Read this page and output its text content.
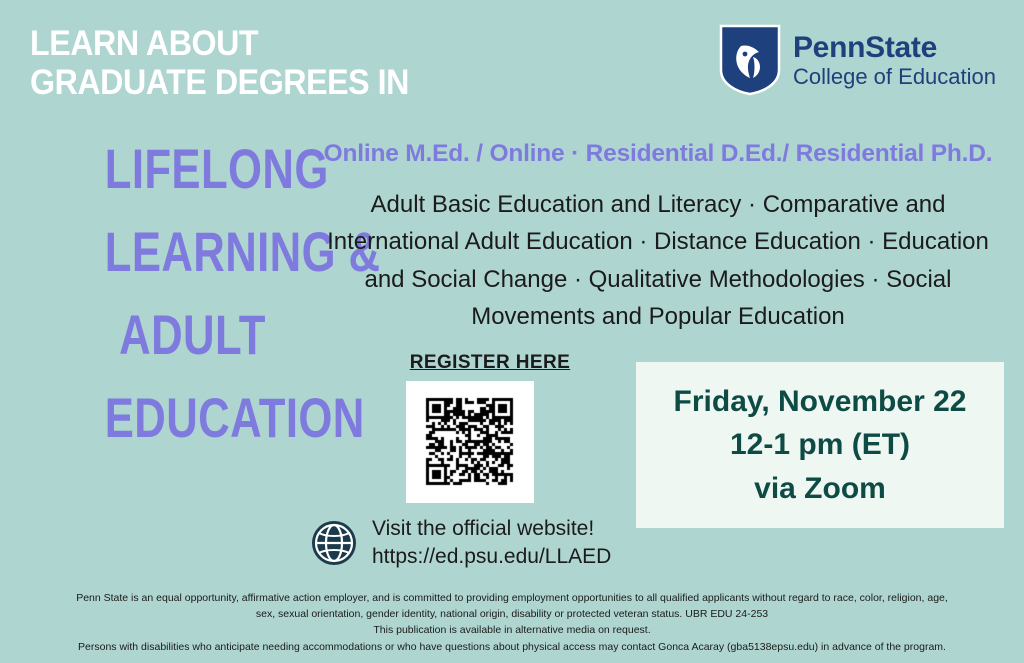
LEARN ABOUT
GRADUATE DEGREES IN
PennState
College of Education
LIFELONG
LEARNING &
ADULT
EDUCATION
Online M.Ed. / Online · Residential D.Ed./ Residential Ph.D.
Adult Basic Education and Literacy · Comparative and International Adult Education · Distance Education · Education and Social Change · Qualitative Methodologies · Social Movements and Popular Education
REGISTER HERE
Visit the official website!
https://ed.psu.edu/LLAED
Friday, November 22
12-1 pm (ET)
via Zoom

Penn State is an equal opportunity, affirmative action employer, and is committed to providing employment opportunities to all qualified applicants without regard to race, color, religion, age,

sex, sexual orientation, gender identity, national origin, disability or protected veteran status. UBR EDU 24-253

This publication is available in alternative media on request.

Persons with disabilities who anticipate needing accommodations or who have questions about physical access may contact Gonca Acaray (gba5138epsu.edu) in advance of the program.
